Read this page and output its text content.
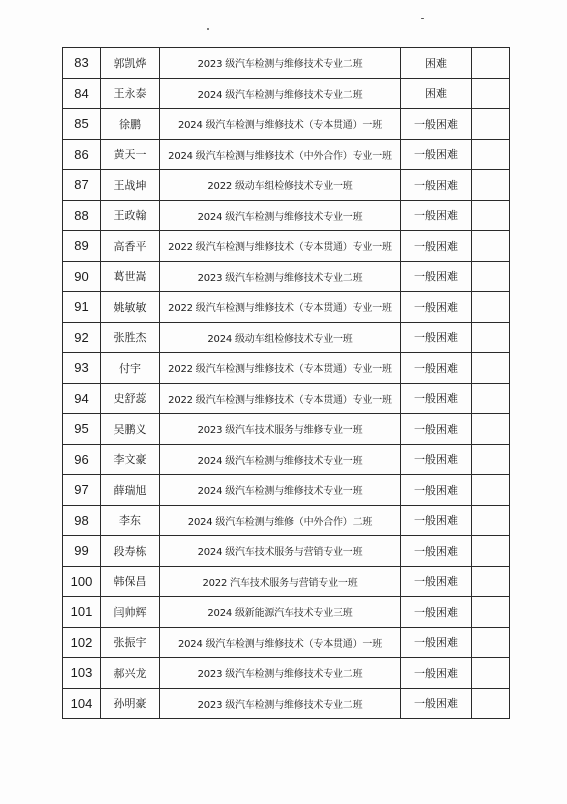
83	郭凯烨	2023 级汽车检测与维修技术专业二班	困难	
84	王永泰	2024 级汽车检测与维修技术专业二班	困难	
85	徐鹏	2024 级汽车检测与维修技术（专本贯通）一班	一般困难	
86	黄天一	2024 级汽车检测与维修技术（中外合作）专业一班	一般困难	
87	王战坤	2022 级动车组检修技术专业一班	一般困难	
88	王政翰	2024 级汽车检测与维修技术专业一班	一般困难	
89	高香平	2022 级汽车检测与维修技术（专本贯通）专业一班	一般困难	
90	葛世嵩	2023 级汽车检测与维修技术专业二班	一般困难	
91	姚敏敏	2022 级汽车检测与维修技术（专本贯通）专业一班	一般困难	
92	张胜杰	2024 级动车组检修技术专业一班	一般困难	
93	付宇	2022 级汽车检测与维修技术（专本贯通）专业一班	一般困难	
94	史舒蕊	2022 级汽车检测与维修技术（专本贯通）专业一班	一般困难	
95	吴鹏义	2023 级汽车技术服务与维修专业一班	一般困难	
96	李文豪	2024 级汽车检测与维修技术专业一班	一般困难	
97	薛瑞旭	2024 级汽车检测与维修技术专业一班	一般困难	
98	李东	2024 级汽车检测与维修（中外合作）二班	一般困难	
99	段寿栋	2024 级汽车技术服务与营销专业一班	一般困难	
100	韩保昌	2022 汽车技术服务与营销专业一班	一般困难	
101	闫帅辉	2024 级新能源汽车技术专业三班	一般困难	
102	张振宇	2024 级汽车检测与维修技术（专本贯通）一班	一般困难	
103	郝兴龙	2023 级汽车检测与维修技术专业二班	一般困难	
104	孙明豪	2023 级汽车检测与维修技术专业二班	一般困难	
